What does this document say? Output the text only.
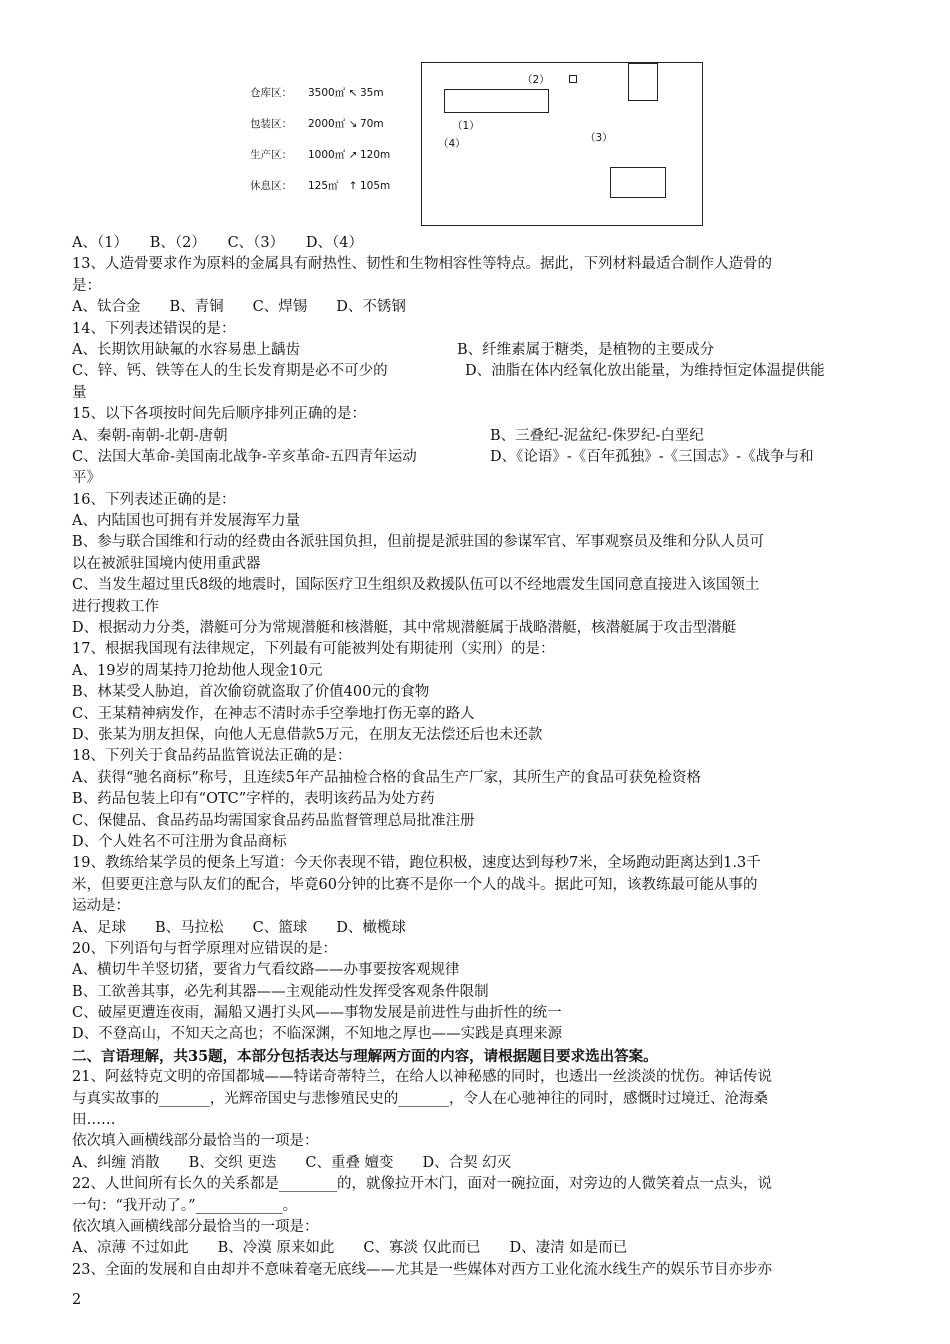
仓库区： 3500㎡ ↖ 35m
包装区： 2000㎡ ↘ 70m
生产区： 1000㎡ ↗ 120m
休息区： 125㎡ ↑ 105m
（2）
（1）
（4）	（3）
A、（1）　　B、（2）　　C、（3）　　D、（4）
13、人造骨要求作为原料的金属具有耐热性、韧性和生物相容性等特点。据此，下列材料最适合制作人造骨的
是：
A、钛合金　　B、青铜　　C、焊锡　　D、不锈钢
14、下列表述错误的是：
A、长期饮用缺氟的水容易患上龋齿	B、纤维素属于糖类，是植物的主要成分
C、锌、钙、铁等在人的生长发育期是必不可少的	D、油脂在体内经氧化放出能量，为维持恒定体温提供能
量
15、以下各项按时间先后顺序排列正确的是：
A、秦朝-南朝-北朝-唐朝	B、三叠纪-泥盆纪-侏罗纪-白垩纪
C、法国大革命-美国南北战争-辛亥革命-五四青年运动	D、《论语》-《百年孤独》-《三国志》-《战争与和
平》
16、下列表述正确的是：
A、内陆国也可拥有并发展海军力量
B、参与联合国维和行动的经费由各派驻国负担，但前提是派驻国的参谋军官、军事观察员及维和分队人员可
以在被派驻国境内使用重武器
C、当发生超过里氏8级的地震时，国际医疗卫生组织及救援队伍可以不经地震发生国同意直接进入该国领土
进行搜救工作
D、根据动力分类，潜艇可分为常规潜艇和核潜艇，其中常规潜艇属于战略潜艇，核潜艇属于攻击型潜艇
17、根据我国现有法律规定，下列最有可能被判处有期徒刑（实刑）的是：
A、19岁的周某持刀抢劫他人现金10元
B、林某受人胁迫，首次偷窃就盗取了价值400元的食物
C、王某精神病发作，在神志不清时赤手空拳地打伤无辜的路人
D、张某为朋友担保，向他人无息借款5万元，在朋友无法偿还后也未还款
18、下列关于食品药品监管说法正确的是：
A、获得“驰名商标”称号，且连续5年产品抽检合格的食品生产厂家，其所生产的食品可获免检资格
B、药品包装上印有“OTC”字样的，表明该药品为处方药
C、保健品、食品药品均需国家食品药品监督管理总局批准注册
D、个人姓名不可注册为食品商标
19、教练给某学员的便条上写道：今天你表现不错，跑位积极，速度达到每秒7米，全场跑动距离达到1.3千
米，但要更注意与队友们的配合，毕竟60分钟的比赛不是你一个人的战斗。据此可知，该教练最可能从事的
运动是：
A、足球　　B、马拉松　　C、篮球　　D、橄榄球
20、下列语句与哲学原理对应错误的是：
A、横切牛羊竖切猪，要省力气看纹路——办事要按客观规律
B、工欲善其事，必先利其器——主观能动性发挥受客观条件限制
C、破屋更遭连夜雨，漏船又遇打头风——事物发展是前进性与曲折性的统一
D、不登高山，不知天之高也；不临深渊，不知地之厚也——实践是真理来源
二、言语理解，共35题，本部分包括表达与理解两方面的内容，请根据题目要求选出答案。
21、阿兹特克文明的帝国都城——特诺奇蒂特兰，在给人以神秘感的同时，也透出一丝淡淡的忧伤。神话传说
与真实故事的_______，光辉帝国史与悲惨殖民史的_______，令人在心驰神往的同时，感慨时过境迁、沧海桑
田……
依次填入画横线部分最恰当的一项是：
A、纠缠 消散　　B、交织 更迭　　C、重叠 嬗变　　D、合契 幻灭
22、人世间所有长久的关系都是________的，就像拉开木门，面对一碗拉面，对旁边的人微笑着点一点头，说
一句：“我开动了。”____________。
依次填入画横线部分最恰当的一项是：
A、凉薄 不过如此　　B、冷漠 原来如此　　C、寡淡 仅此而已　　D、凄清 如是而已
23、全面的发展和自由却并不意味着毫无底线——尤其是一些媒体对西方工业化流水线生产的娱乐节目亦步亦
2
